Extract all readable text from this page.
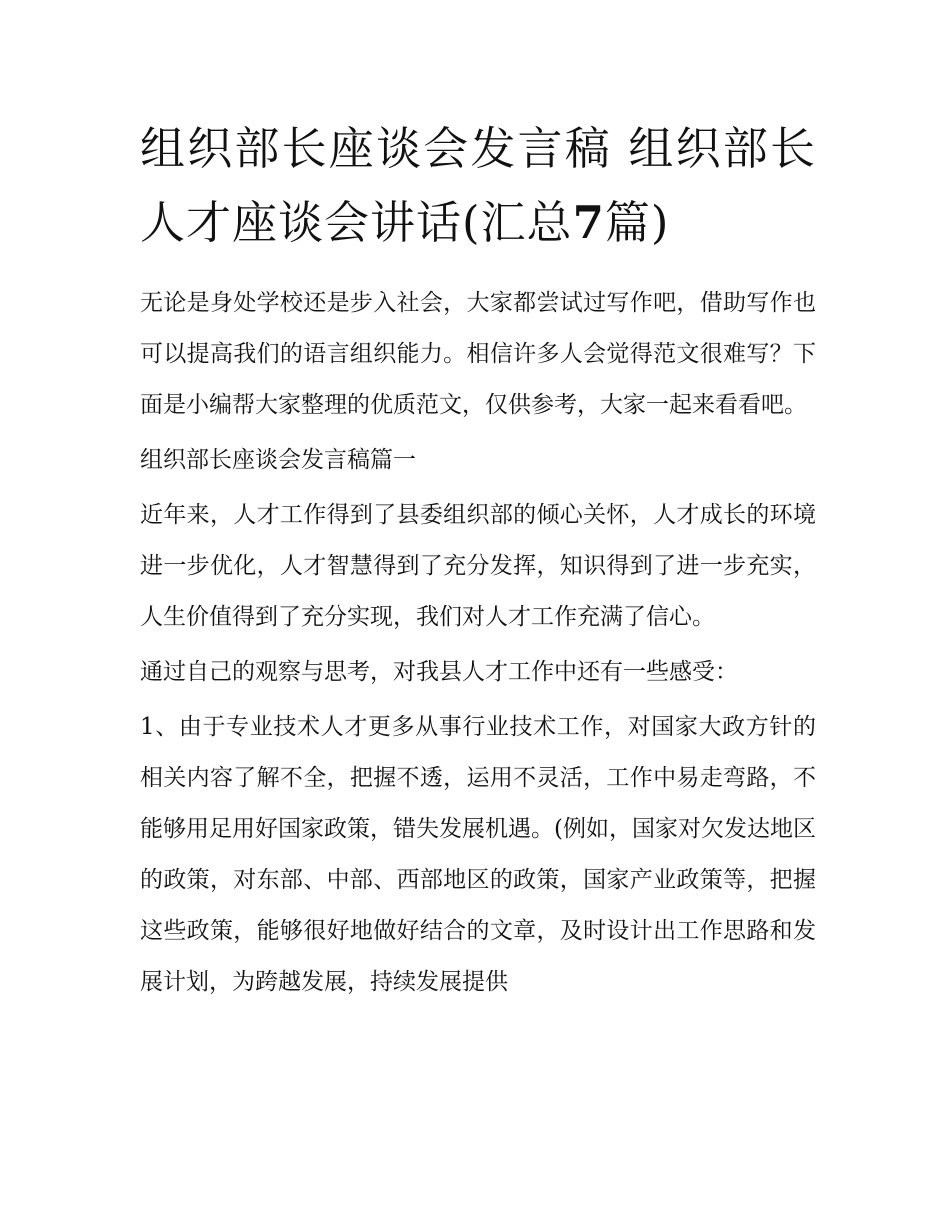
组织部长座谈会发言稿 组织部长人才座谈会讲话(汇总7篇)

无论是身处学校还是步入社会，大家都尝试过写作吧，借助写作也可以提高我们的语言组织能力。相信许多人会觉得范文很难写？下面是小编帮大家整理的优质范文，仅供参考，大家一起来看看吧。

组织部长座谈会发言稿篇一

近年来，人才工作得到了县委组织部的倾心关怀，人才成长的环境进一步优化，人才智慧得到了充分发挥，知识得到了进一步充实，人生价值得到了充分实现，我们对人才工作充满了信心。

通过自己的观察与思考，对我县人才工作中还有一些感受：

1、由于专业技术人才更多从事行业技术工作，对国家大政方针的相关内容了解不全，把握不透，运用不灵活，工作中易走弯路，不能够用足用好国家政策，错失发展机遇。(例如，国家对欠发达地区的政策，对东部、中部、西部地区的政策，国家产业政策等，把握这些政策，能够很好地做好结合的文章，及时设计出工作思路和发展计划，为跨越发展，持续发展提供
